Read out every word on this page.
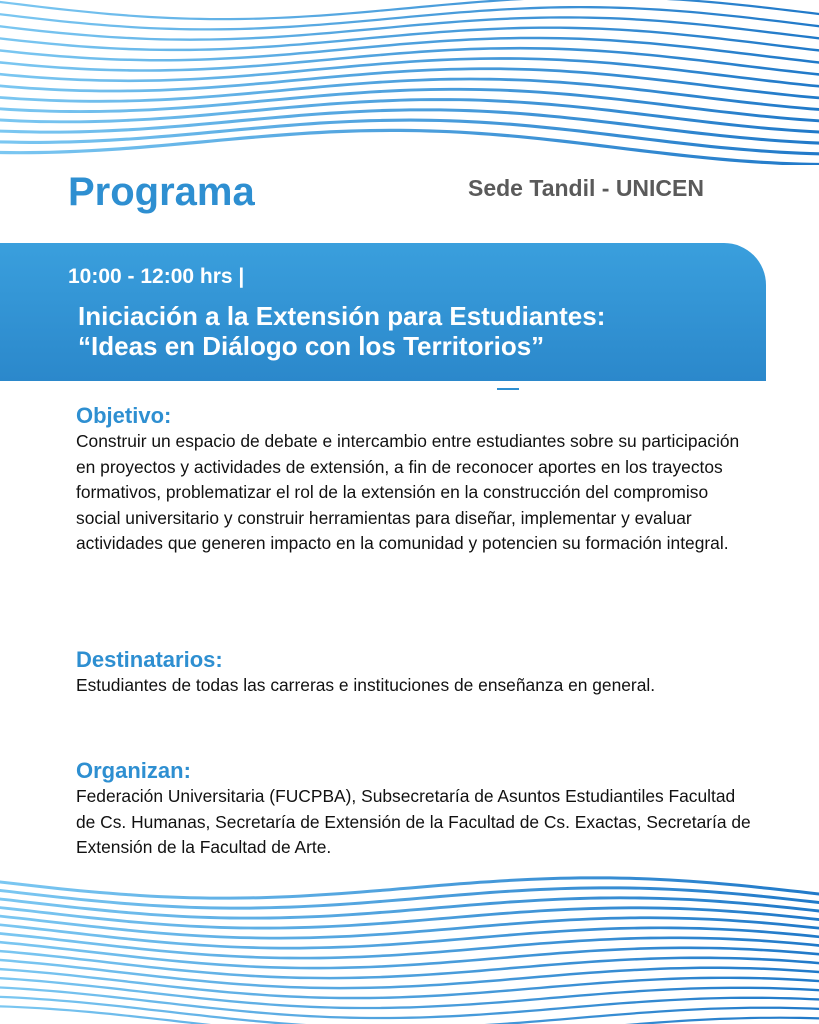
Programa	Sede Tandil - UNICEN
10:00 - 12:00 hrs |
Iniciación a la Extensión para Estudiantes:
“Ideas en Diálogo con los Territorios”
Objetivo:

Construir un espacio de debate e intercambio entre estudiantes sobre su participación en proyectos y actividades de extensión, a fin de reconocer aportes en los trayectos formativos, problematizar el rol de la extensión en la construcción del compromiso social universitario y construir herramientas para diseñar, implementar y evaluar actividades que generen impacto en la comunidad y potencien su formación integral.

Destinatarios:

Estudiantes de todas las carreras e instituciones de enseñanza en general.

Organizan:

Federación Universitaria (FUCPBA), Subsecretaría de Asuntos Estudiantiles Facultad de Cs. Humanas, Secretaría de Extensión de la Facultad de Cs. Exactas, Secretaría de Extensión de la Facultad de Arte.
